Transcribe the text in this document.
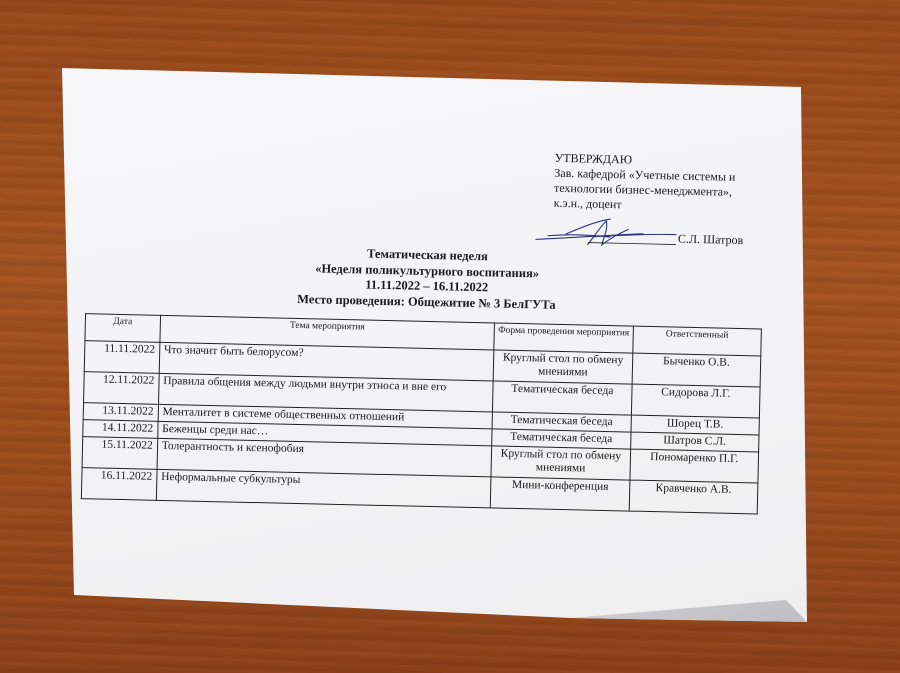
УТВЕРЖДАЮ
Зав. кафедрой «Учетные системы и
технологии бизнес-менеджмента»,
к.э.н., доцент
С.Л. Шатров
Тематическая неделя
«Неделя поликультурного воспитания»
11.11.2022 – 16.11.2022
Место проведения: Общежитие № 3 БелГУТа
Дата	Тема мероприятия	Форма проведения мероприятия	Ответственный
11.11.2022	Что значит быть белорусом?	Круглый стол по обмену мнениями	Быченко О.В.
12.11.2022	Правила общения между людьми внутри этноса и вне его	Тематическая беседа	Сидорова Л.Г.
13.11.2022	Менталитет в системе общественных отношений	Тематическая беседа	Шорец Т.В.
14.11.2022	Беженцы среди нас…	Тематическая беседа	Шатров С.Л.
15.11.2022	Толерантность и ксенофобия	Круглый стол по обмену мнениями	Пономаренко П.Г.
16.11.2022	Неформальные субкультуры	Мини-конференция	Кравченко А.В.
